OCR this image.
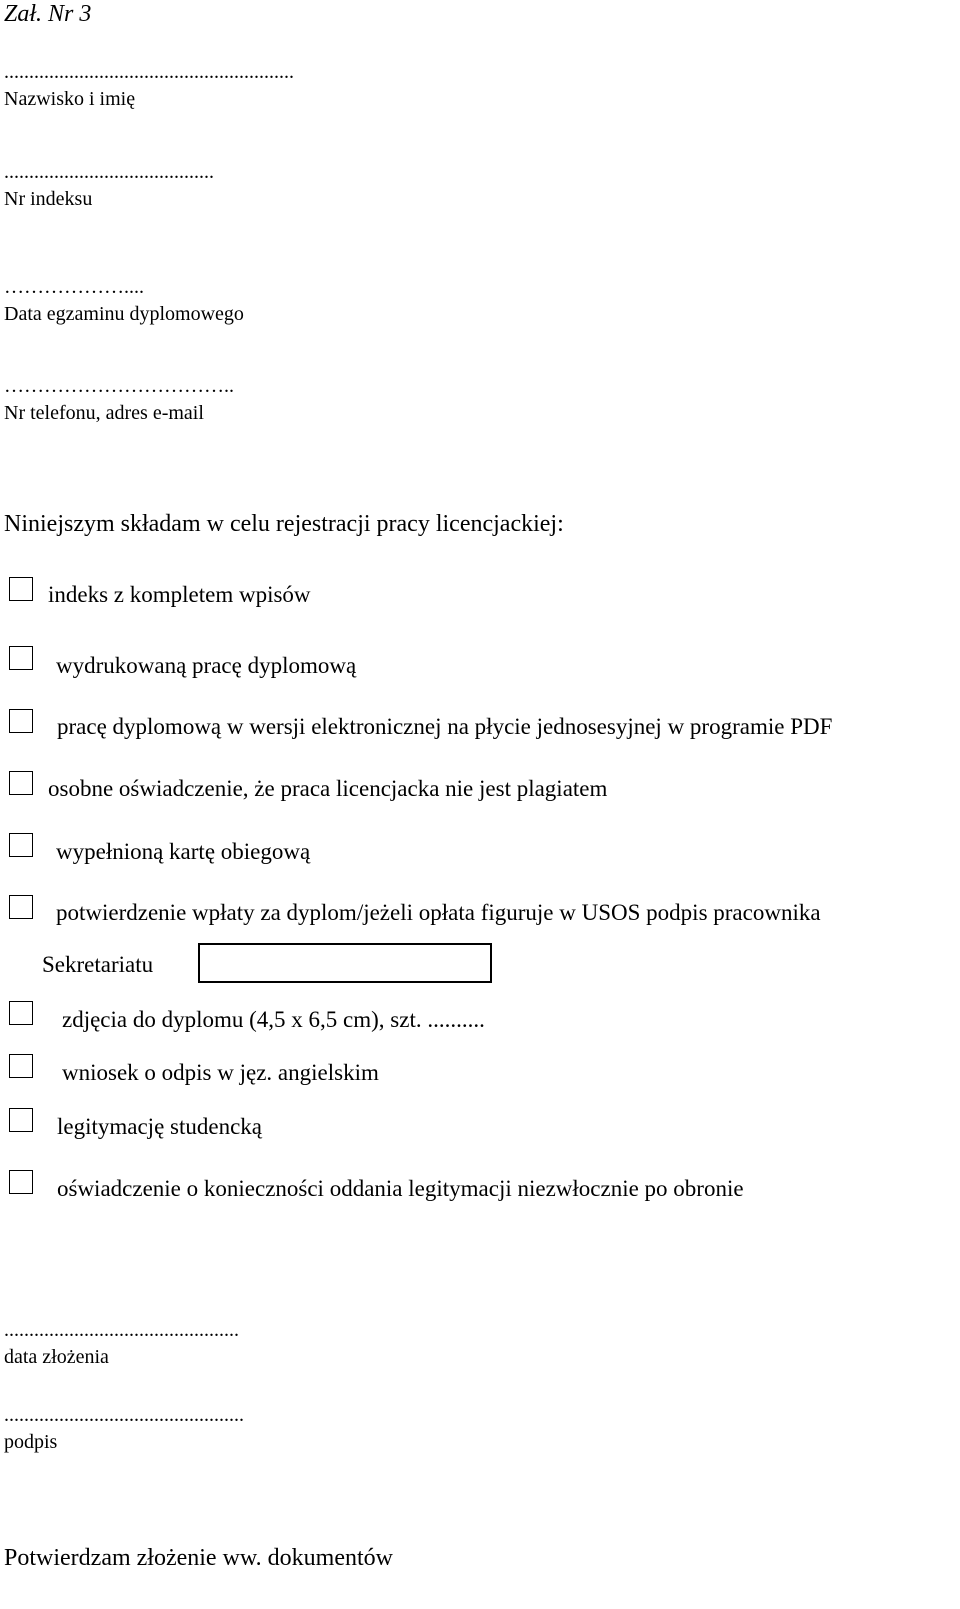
Zał. Nr 3
..........................................................
Nazwisko i imię
..........................................
Nr indeksu
………………....
Data egzaminu dyplomowego
……………………………..
Nr telefonu, adres e-mail
Niniejszym składam w celu rejestracji pracy licencjackiej:
indeks z kompletem wpisów
wydrukowaną pracę dyplomową
pracę dyplomową w wersji elektronicznej na płycie jednosesyjnej w programie PDF
osobne oświadczenie, że praca licencjacka nie jest plagiatem
wypełnioną kartę obiegową
potwierdzenie wpłaty za dyplom/jeżeli opłata figuruje w USOS podpis pracownika
Sekretariatu
zdjęcia do dyplomu (4,5 x 6,5 cm), szt. ..........
wniosek o odpis w jęz. angielskim
legitymację studencką
oświadczenie o konieczności oddania legitymacji niezwłocznie po obronie
...............................................
data złożenia
................................................
podpis
Potwierdzam złożenie ww. dokumentów
